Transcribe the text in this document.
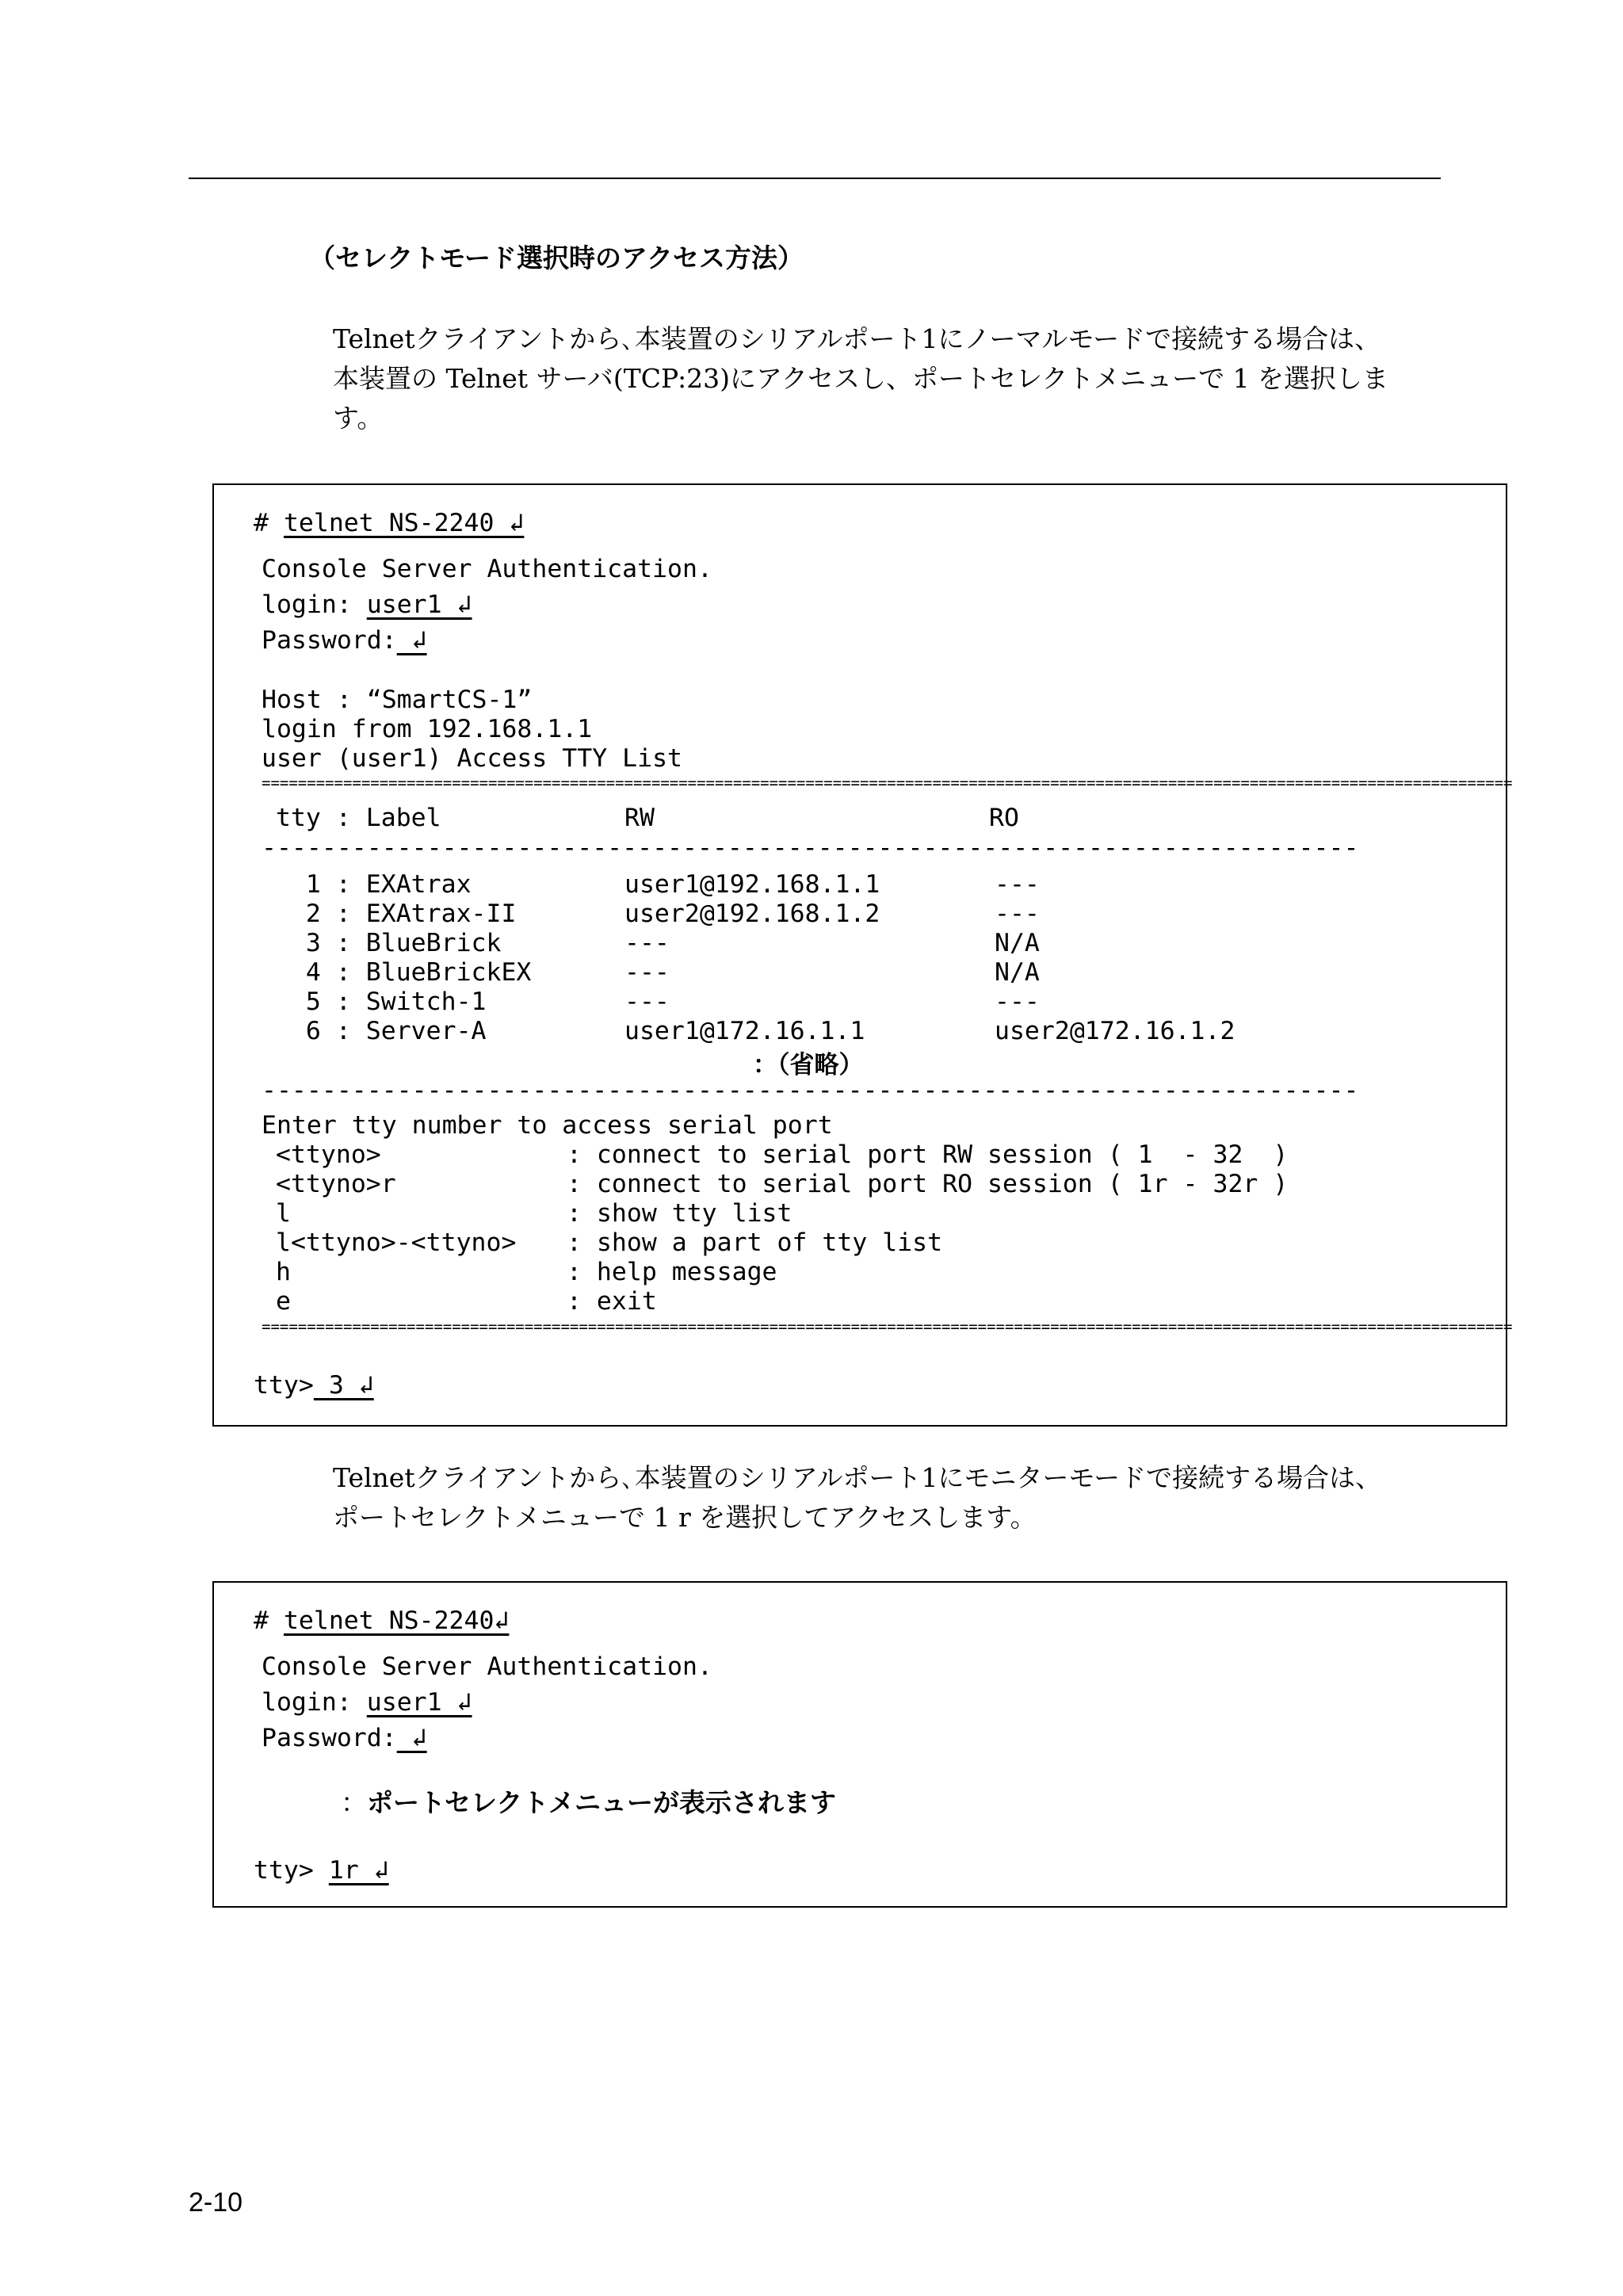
（セレクトモード選択時のアクセス方法）
Telnetクライアントから､本装置のシリアルポート1にノーマルモードで接続する場合は、
本装置の Telnet サーバ(TCP:23)にアクセスし、ポートセレクトメニューで 1 を選択しま
す。
# telnet NS-2240 ↲
Console Server Authentication.
login: user1 ↲
Password: ↲
Host : “SmartCS-1”
login from 192.168.1.1
user (user1) Access TTY List
==========================================================================================================================================
tty : Label	RW	RO
-------------------------------------------------------------------------
1 : EXAtrax	user1@192.168.1.1	---
2 : EXAtrax-II	user2@192.168.1.2	---
3 : BlueBrick	---	N/A
4 : BlueBrickEX	---	N/A
5 : Switch-1	---	---
6 : Server-A	user1@172.16.1.1	user2@172.16.1.2
：（省略）
-------------------------------------------------------------------------
Enter tty number to access serial port
<ttyno>	: connect to serial port RW session ( 1  - 32  )
<ttyno>r	: connect to serial port RO session ( 1r - 32r )
l	: show tty list
l<ttyno>-<ttyno> : show a part of tty list
h	: help message
e	: exit
==========================================================================================================================================
tty> 3 ↲
Telnetクライアントから､本装置のシリアルポート1にモニターモードで接続する場合は、
ポートセレクトメニューで 1 r を選択してアクセスします。
# telnet NS-2240↲
Console Server Authentication.
login: user1 ↲
Password: ↲
：ポートセレクトメニューが表示されます
tty> 1r ↲
2-10
